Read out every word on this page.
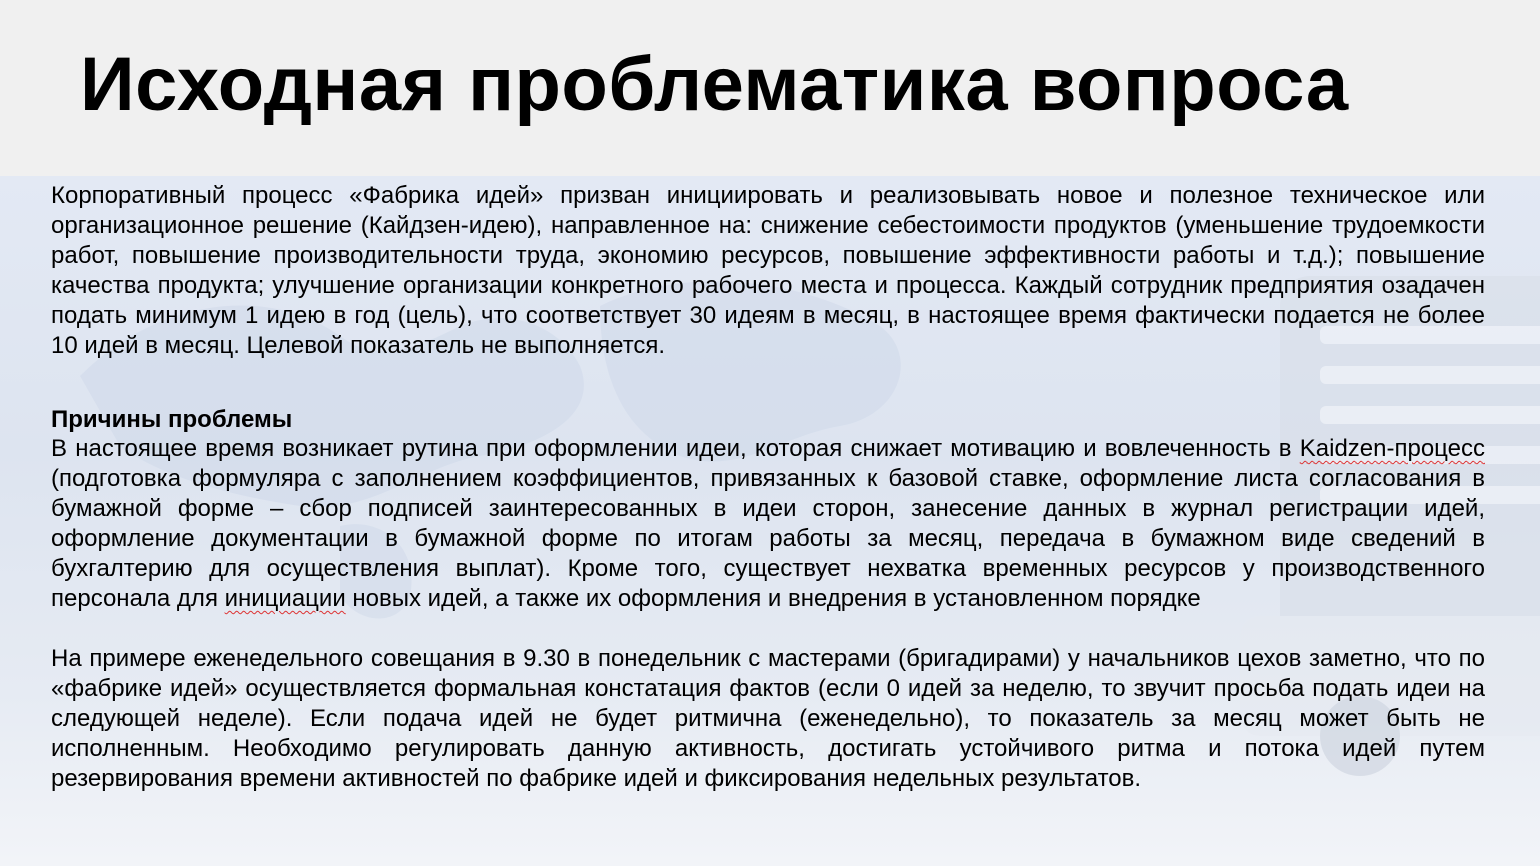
Исходная проблематика вопроса

Корпоративный процесс «Фабрика идей» призван инициировать и реализовывать новое и полезное техническое или организационное решение (Кайдзен-идею), направленное на: снижение себестоимости продуктов (уменьшение трудоемкости работ, повышение производительности труда, экономию ресурсов, повышение эффективности работы и т.д.); повышение качества продукта; улучшение организации конкретного рабочего места и процесса. Каждый сотрудник предприятия озадачен подать минимум 1 идею в год (цель), что соответствует 30 идеям в месяц, в настоящее время фактически подается не более 10 идей в месяц. Целевой показатель не выполняется.

Причины проблемы

В настоящее время возникает рутина при оформлении идеи, которая снижает мотивацию и вовлеченность в Kaidzen-процесс (подготовка формуляра с заполнением коэффициентов, привязанных к базовой ставке, оформление листа согласования в бумажной форме – сбор подписей заинтересованных в идеи сторон, занесение данных в журнал регистрации идей, оформление документации в бумажной форме по итогам работы за месяц, передача в бумажном виде сведений в бухгалтерию для осуществления выплат). Кроме того, существует нехватка временных ресурсов у производственного персонала для инициации новых идей, а также их оформления и внедрения в установленном порядке

На примере еженедельного совещания в 9.30 в понедельник с мастерами (бригадирами) у начальников цехов заметно, что по «фабрике идей» осуществляется формальная констатация фактов (если 0 идей за неделю, то звучит просьба подать идеи на следующей неделе). Если подача идей не будет ритмична (еженедельно), то показатель за месяц может быть не исполненным. Необходимо регулировать данную активность, достигать устойчивого ритма и потока идей путем резервирования времени активностей по фабрике идей и фиксирования недельных результатов.
